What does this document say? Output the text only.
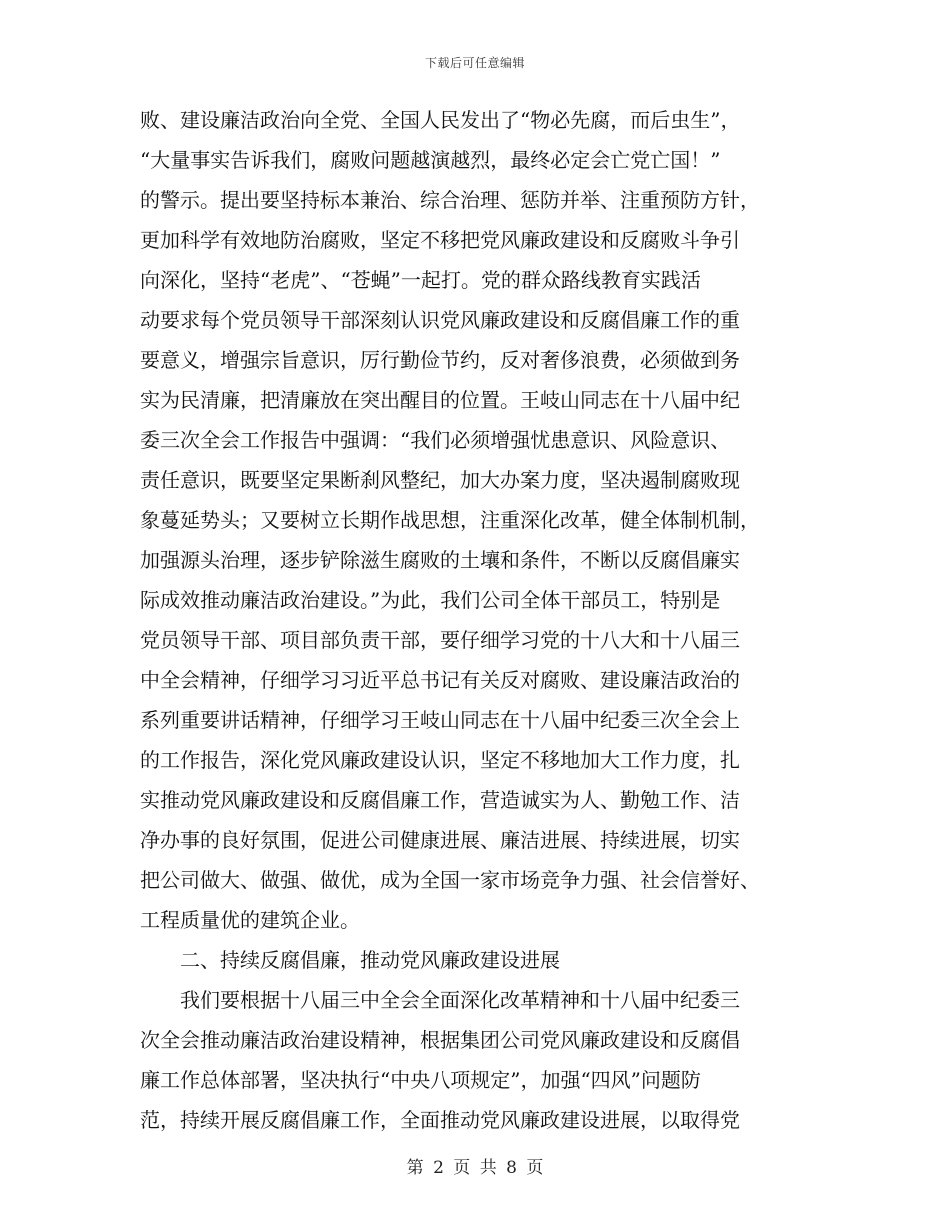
下载后可任意编辑
败、建设廉洁政治向全党、全国人民发出了“物必先腐，而后虫生”，
“大量事实告诉我们，腐败问题越演越烈，最终必定会亡党亡国！”
的警示。提出要坚持标本兼治、综合治理、惩防并举、注重预防方针，
更加科学有效地防治腐败，坚定不移把党风廉政建设和反腐败斗争引
向深化，坚持“老虎”、“苍蝇”一起打。党的群众路线教育实践活
动要求每个党员领导干部深刻认识党风廉政建设和反腐倡廉工作的重
要意义，增强宗旨意识，厉行勤俭节约，反对奢侈浪费，必须做到务
实为民清廉，把清廉放在突出醒目的位置。王岐山同志在十八届中纪
委三次全会工作报告中强调：“我们必须增强忧患意识、风险意识、
责任意识，既要坚定果断刹风整纪，加大办案力度，坚决遏制腐败现
象蔓延势头；又要树立长期作战思想，注重深化改革，健全体制机制，
加强源头治理，逐步铲除滋生腐败的土壤和条件，不断以反腐倡廉实
际成效推动廉洁政治建设。”为此，我们公司全体干部员工，特别是
党员领导干部、项目部负责干部，要仔细学习党的十八大和十八届三
中全会精神，仔细学习习近平总书记有关反对腐败、建设廉洁政治的
系列重要讲话精神，仔细学习王岐山同志在十八届中纪委三次全会上
的工作报告，深化党风廉政建设认识，坚定不移地加大工作力度，扎
实推动党风廉政建设和反腐倡廉工作，营造诚实为人、勤勉工作、洁
净办事的良好氛围，促进公司健康进展、廉洁进展、持续进展，切实
把公司做大、做强、做优，成为全国一家市场竞争力强、社会信誉好、
工程质量优的建筑企业。
二、持续反腐倡廉，推动党风廉政建设进展
我们要根据十八届三中全会全面深化改革精神和十八届中纪委三
次全会推动廉洁政治建设精神，根据集团公司党风廉政建设和反腐倡
廉工作总体部署，坚决执行“中央八项规定”，加强“四风”问题防
范，持续开展反腐倡廉工作，全面推动党风廉政建设进展，以取得党
第 2 页 共 8 页
